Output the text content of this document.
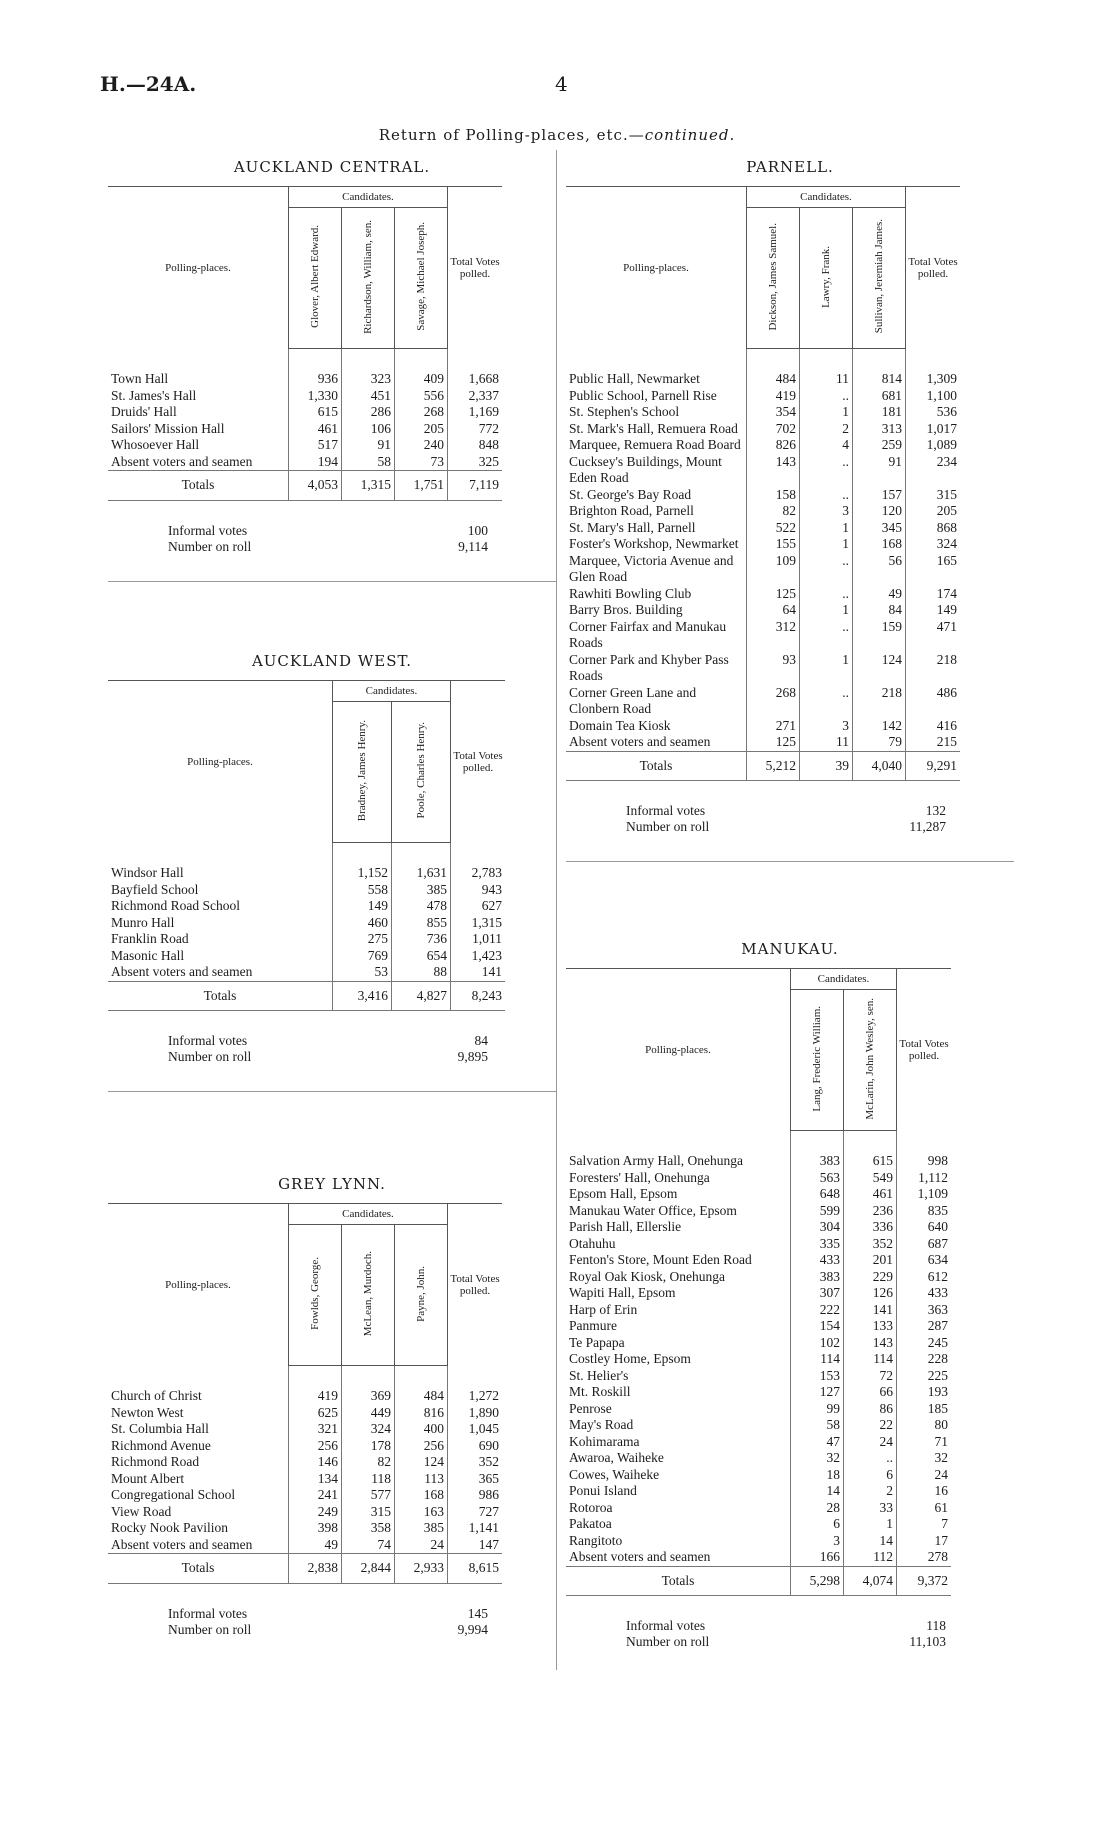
H.—24A.	4
Return of Polling-places, etc.—continued.
AUCKLAND CENTRAL.
Polling-places.	Candidates.			Total Votes polled.
	Glover, Albert Edward.	Richardson, William, sen.	Savage, Michael Joseph.	

Town Hall	936	323	409	1,668
St. James's Hall	1,330	451	556	2,337
Druids' Hall	615	286	268	1,169
Sailors' Mission Hall	461	106	205	772
Whosoever Hall	517	91	240	848
Absent voters and seamen	194	58	73	325
Totals	4,053	1,315	1,751	7,119
Informal votes	100
Number on roll	9,114
AUCKLAND WEST.
Polling-places.	Candidates.		Total Votes polled.
	Bradney, James Henry.	Poole, Charles Henry.	

Windsor Hall	1,152	1,631	2,783
Bayfield School	558	385	943
Richmond Road School	149	478	627
Munro Hall	460	855	1,315
Franklin Road	275	736	1,011
Masonic Hall	769	654	1,423
Absent voters and seamen	53	88	141
Totals	3,416	4,827	8,243
Informal votes	84
Number on roll	9,895
GREY LYNN.
Polling-places.	Candidates.			Total Votes polled.
	Fowlds, George.	McLean, Murdoch.	Payne, John.	

Church of Christ	419	369	484	1,272
Newton West	625	449	816	1,890
St. Columbia Hall	321	324	400	1,045
Richmond Avenue	256	178	256	690
Richmond Road	146	82	124	352
Mount Albert	134	118	113	365
Congregational School	241	577	168	986
View Road	249	315	163	727
Rocky Nook Pavilion	398	358	385	1,141
Absent voters and seamen	49	74	24	147
Totals	2,838	2,844	2,933	8,615
Informal votes	145
Number on roll	9,994
PARNELL.
Polling-places.	Candidates.			Total Votes polled.
	Dickson, James Samuel.	Lawry, Frank.	Sullivan, Jeremiah James.	

Public Hall, Newmarket	484	11	814	1,309
Public School, Parnell Rise	419	..	681	1,100
St. Stephen's School	354	1	181	536
St. Mark's Hall, Remuera Road	702	2	313	1,017
Marquee, Remuera Road Board	826	4	259	1,089
Cucksey's Buildings, Mount Eden Road	143	..	91	234
St. George's Bay Road	158	..	157	315
Brighton Road, Parnell	82	3	120	205
St. Mary's Hall, Parnell	522	1	345	868
Foster's Workshop, Newmarket	155	1	168	324
Marquee, Victoria Avenue and Glen Road	109	..	56	165
Rawhiti Bowling Club	125	..	49	174
Barry Bros. Building	64	1	84	149
Corner Fairfax and Manukau Roads	312	..	159	471
Corner Park and Khyber Pass Roads	93	1	124	218
Corner Green Lane and Clonbern Road	268	..	218	486
Domain Tea Kiosk	271	3	142	416
Absent voters and seamen	125	11	79	215
Totals	5,212	39	4,040	9,291
Informal votes	132
Number on roll	11,287
MANUKAU.
Polling-places.	Candidates.		Total Votes polled.
	Lang, Frederic William.	McLarin, John Wesley, sen.	

Salvation Army Hall, Onehunga	383	615	998
Foresters' Hall, Onehunga	563	549	1,112
Epsom Hall, Epsom	648	461	1,109
Manukau Water Office, Epsom	599	236	835
Parish Hall, Ellerslie	304	336	640
Otahuhu	335	352	687
Fenton's Store, Mount Eden Road	433	201	634
Royal Oak Kiosk, Onehunga	383	229	612
Wapiti Hall, Epsom	307	126	433
Harp of Erin	222	141	363
Panmure	154	133	287
Te Papapa	102	143	245
Costley Home, Epsom	114	114	228
St. Helier's	153	72	225
Mt. Roskill	127	66	193
Penrose	99	86	185
May's Road	58	22	80
Kohimarama	47	24	71
Awaroa, Waiheke	32	..	32
Cowes, Waiheke	18	6	24
Ponui Island	14	2	16
Rotoroa	28	33	61
Pakatoa	6	1	7
Rangitoto	3	14	17
Absent voters and seamen	166	112	278
Totals	5,298	4,074	9,372
Informal votes	118
Number on roll	11,103
